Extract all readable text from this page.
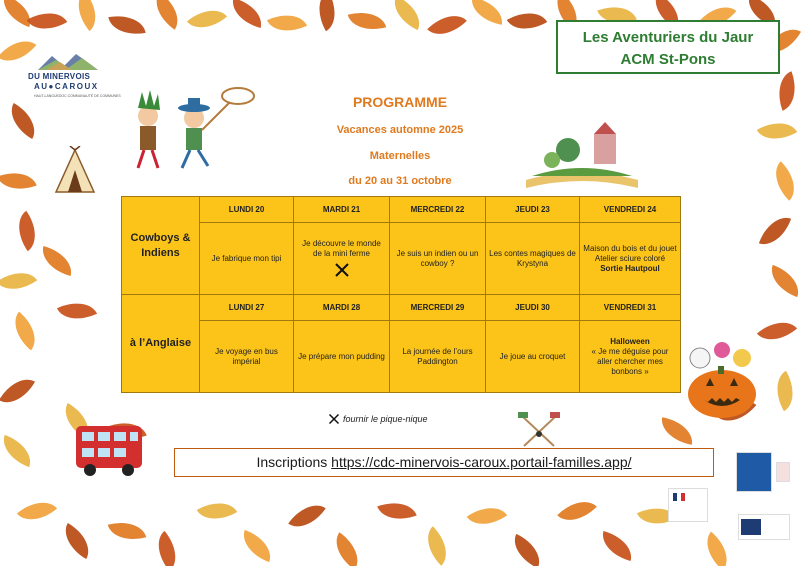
Les Aventuriers du Jaur
ACM St-Pons
DU MINERVOIS
AU●CAROUX
HAUT-LANGUEDOC COMMUNAUTÉ DE COMMUNES	PROGRAMME
Vacances automne 2025
Maternelles
du 20 au 31 octobre
Cowboys & Indiens	LUNDI 20	MARDI 21	MERCREDI 22	JEUDI 23	VENDREDI 24
	Je fabrique mon tipi	Je découvre le monde de la mini ferme	Je suis un indien ou un cowboy ?	Les contes magiques de Krystyna	Maison du bois et du jouet Atelier sciure coloré
Sortie Hautpoul
à l’Anglaise	LUNDI 27	MARDI 28	MERCREDI 29	JEUDI 30	VENDREDI 31
	Je voyage en bus impérial	Je prépare mon pudding	La journée de l’ours Paddington	Je joue au croquet	Halloween
« Je me déguise pour aller chercher mes bonbons »
fournir le pique-nique
Inscriptions https://cdc-minervois-caroux.portail-familles.app/
